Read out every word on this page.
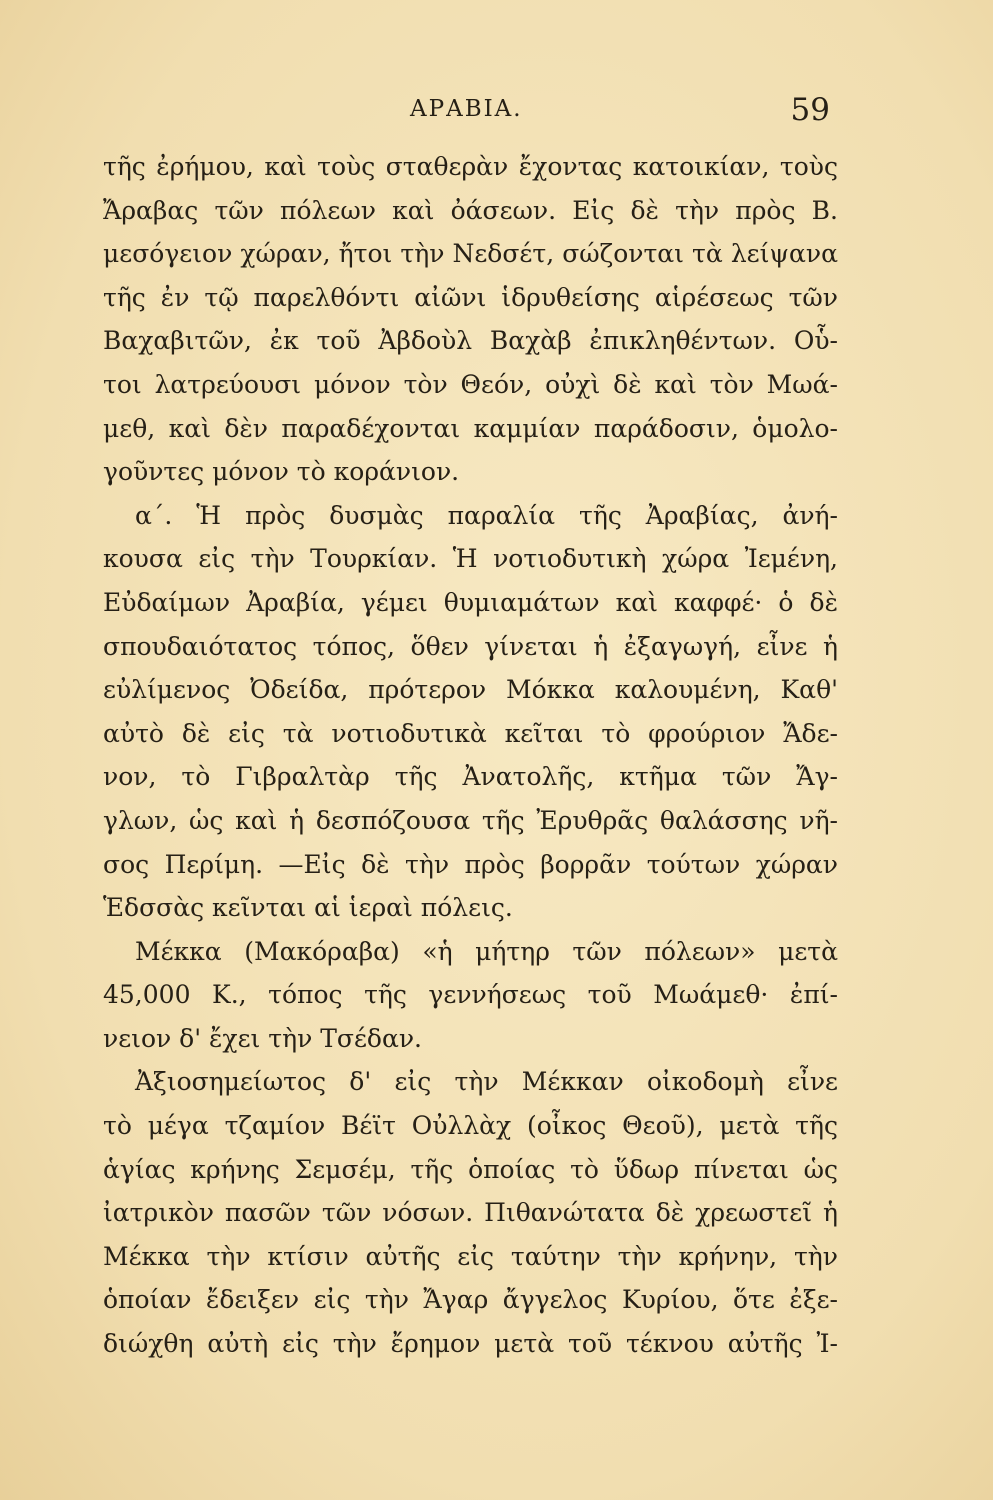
ΑΡΑΒΙΑ.	59
τῆς ἐρήμου, καὶ τοὺς σταθερὰν ἔχοντας κατοικίαν, τοὺς
Ἄραβας τῶν πόλεων καὶ ὀάσεων. Εἰς δὲ τὴν πρὸς Β.
μεσόγειον χώραν, ἤτοι τὴν Νεδσέτ, σώζονται τὰ λείψανα
τῆς ἐν τῷ παρελθόντι αἰῶνι ἱδρυθείσης αἱρέσεως τῶν
Βαχαβιτῶν, ἐκ τοῦ Ἀβδοὺλ Βαχὰβ ἐπικληθέντων. Οὗ-
τοι λατρεύουσι μόνον τὸν Θεόν, οὐχὶ δὲ καὶ τὸν Μωά-
μεθ, καὶ δὲν παραδέχονται καμμίαν παράδοσιν, ὁμολο-
γοῦντες μόνον τὸ κοράνιον.
α΄. Ἡ πρὸς δυσμὰς παραλία τῆς Ἀραβίας, ἀνή-
κουσα εἰς τὴν Τουρκίαν. Ἡ νοτιοδυτικὴ χώρα Ἰεμένη,
Εὐδαίμων Ἀραβία, γέμει θυμιαμάτων καὶ καφφέ· ὁ δὲ
σπουδαιότατος τόπος, ὅθεν γίνεται ἡ ἐξαγωγή, εἶνε ἡ
εὐλίμενος Ὀδείδα, πρότερον Μόκκα καλουμένη, Καθ'
αὐτὸ δὲ εἰς τὰ νοτιοδυτικὰ κεῖται τὸ φρούριον Ἄδε-
νον, τὸ Γιβραλτὰρ τῆς Ἀνατολῆς, κτῆμα τῶν Ἄγ-
γλων, ὡς καὶ ἡ δεσπόζουσα τῆς Ἐρυθρᾶς θαλάσσης νῆ-
σος Περίμη. —Εἰς δὲ τὴν πρὸς βορρᾶν τούτων χώραν
Ἑδσσὰς κεῖνται αἱ ἱεραὶ πόλεις.
Μέκκα (Μακόραβα) «ἡ μήτηρ τῶν πόλεων» μετὰ
45,000 Κ., τόπος τῆς γεννήσεως τοῦ Μωάμεθ· ἐπί-
νειον δ' ἔχει τὴν Τσέδαν.
Ἀξιοσημείωτος δ' εἰς τὴν Μέκκαν οἰκοδομὴ εἶνε
τὸ μέγα τζαμίον Βέϊτ Οὐλλὰχ (οἶκος Θεοῦ), μετὰ τῆς
ἁγίας κρήνης Σεμσέμ, τῆς ὁποίας τὸ ὕδωρ πίνεται ὡς
ἰατρικὸν πασῶν τῶν νόσων. Πιθανώτατα δὲ χρεωστεῖ ἡ
Μέκκα τὴν κτίσιν αὐτῆς εἰς ταύτην τὴν κρήνην, τὴν
ὁποίαν ἔδειξεν εἰς τὴν Ἄγαρ ἄγγελος Κυρίου, ὅτε ἐξε-
διώχθη αὐτὴ εἰς τὴν ἔρημον μετὰ τοῦ τέκνου αὐτῆς Ἰ-
